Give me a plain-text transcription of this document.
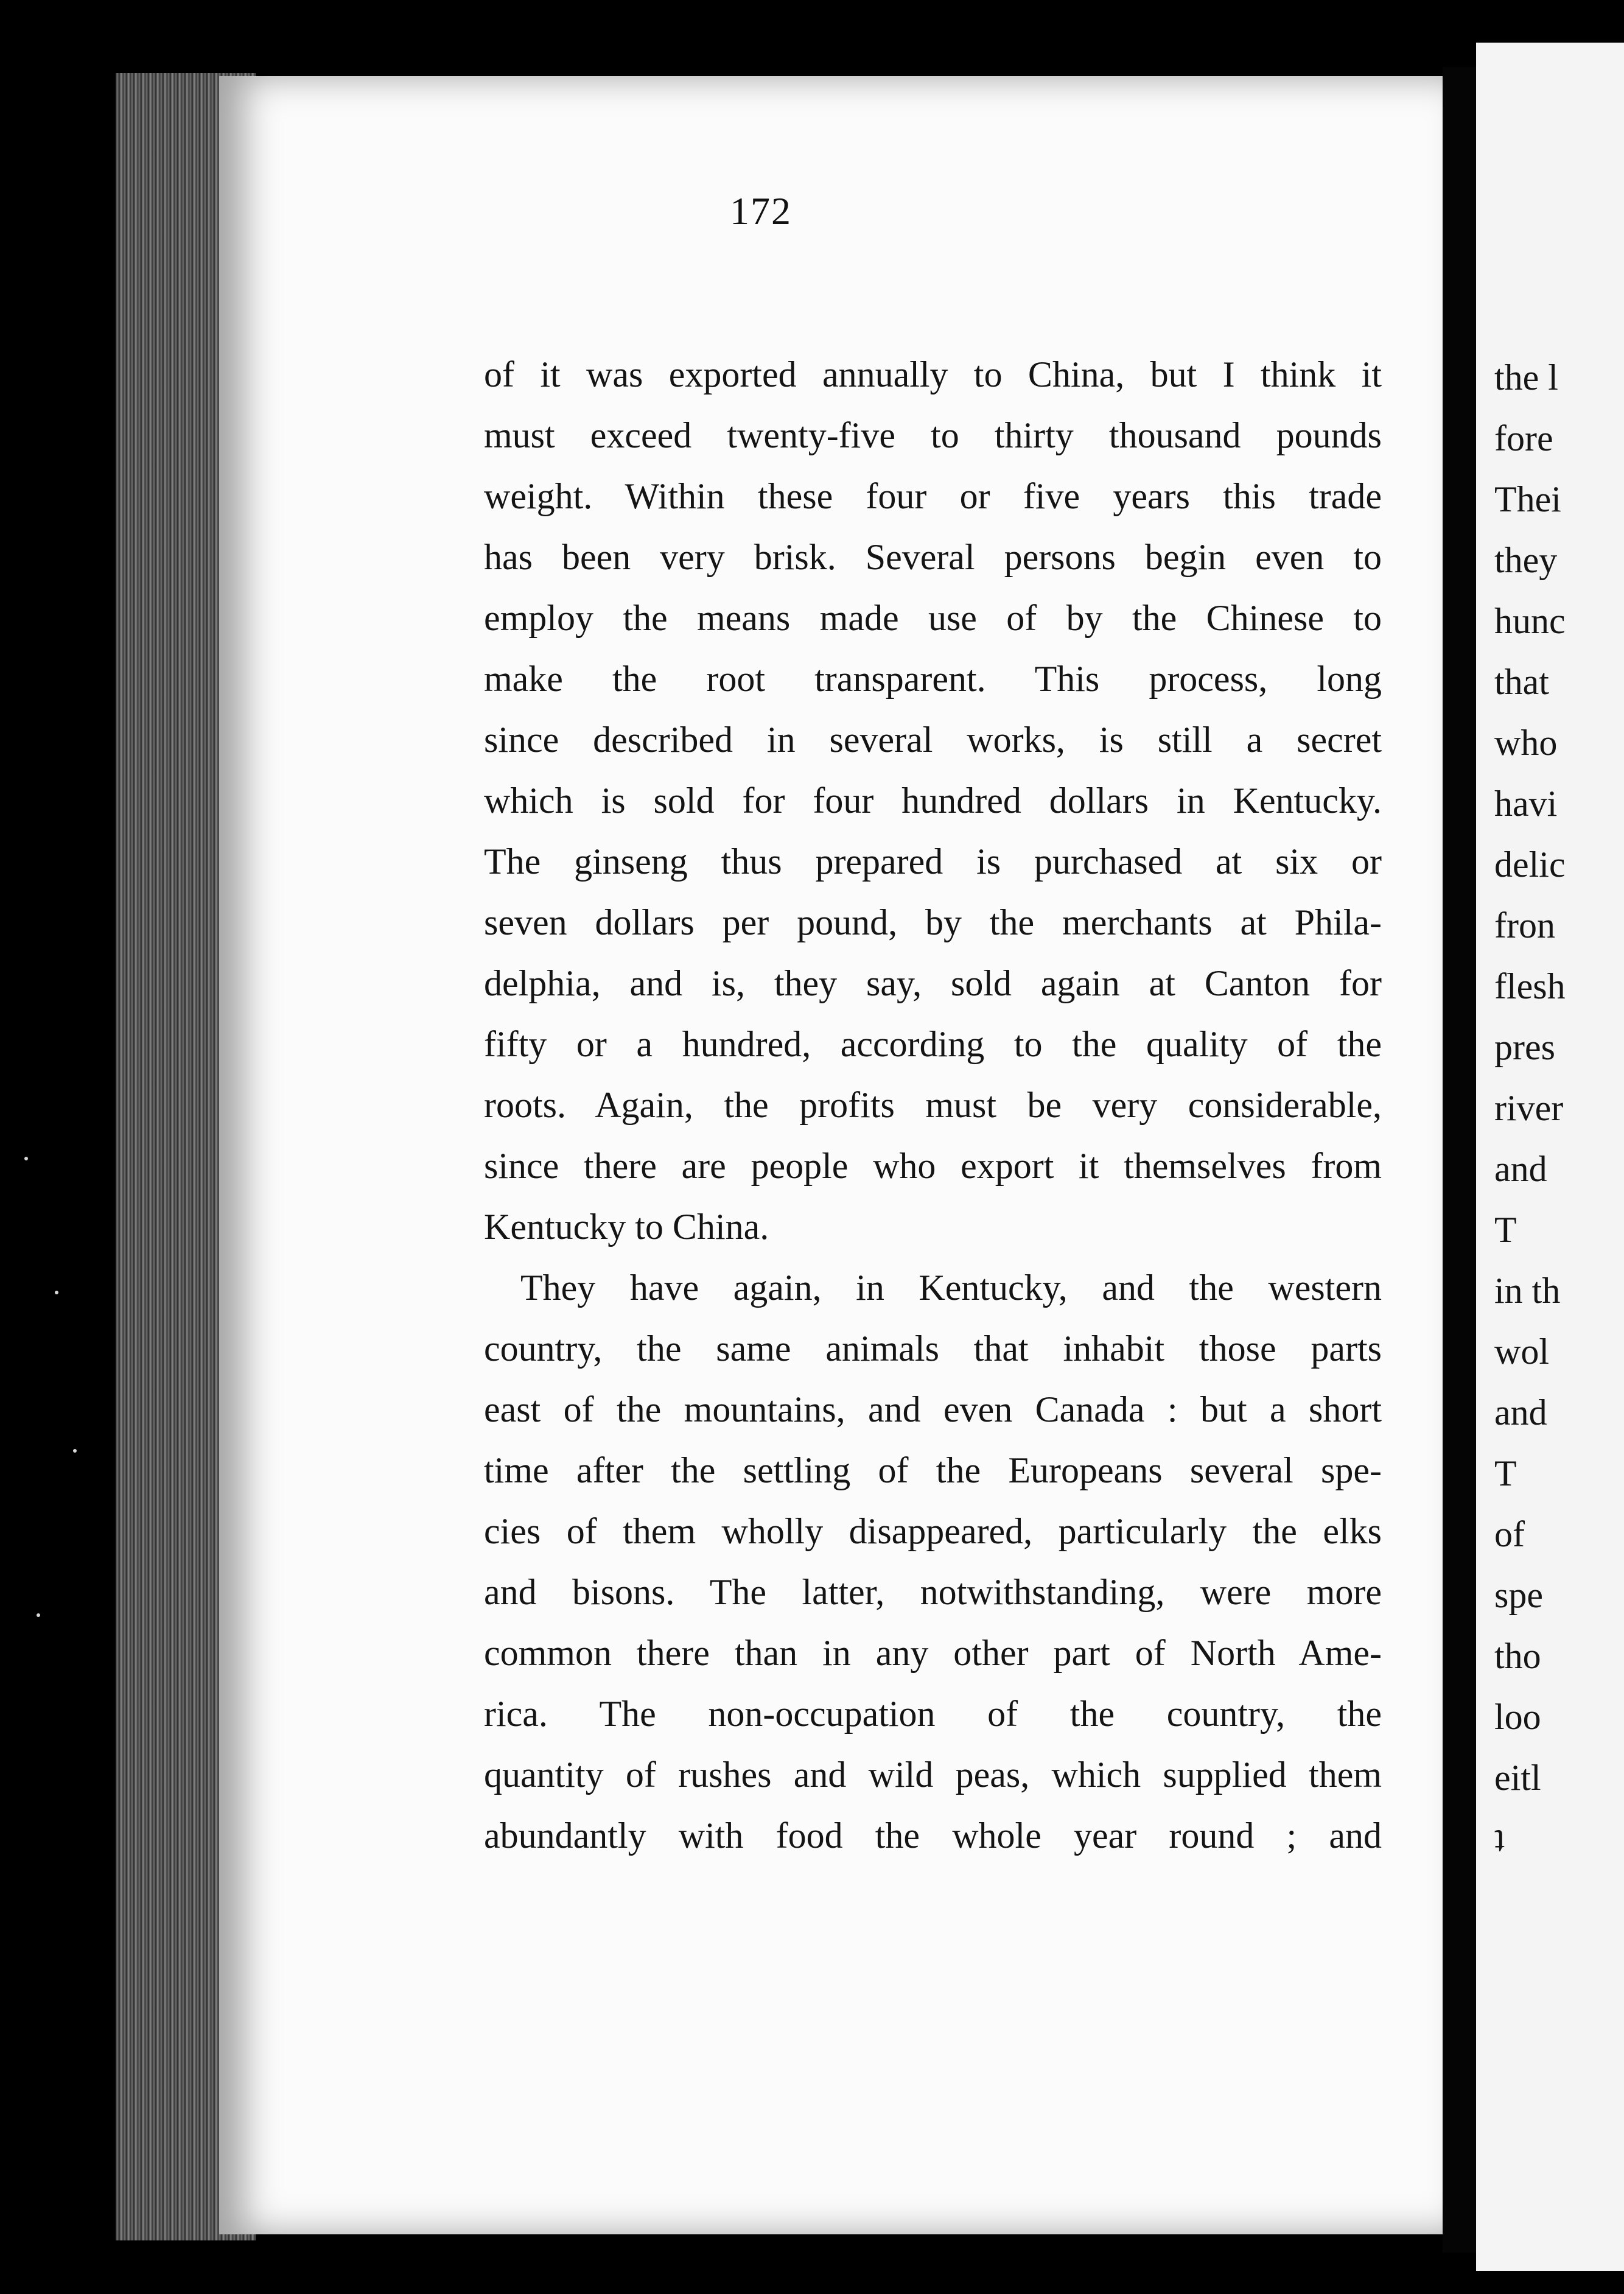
the l
fore
Thei
they
hunc
that
who
havi
delic
fron
flesh
pres
river
and
T
in th
wol
and
T
of
spe
tho
loo
eitl
ʇ
172
of it was exported annually to China, but I think it
must exceed twenty-five to thirty thousand pounds
weight. Within these four or five years this trade
has been very brisk. Several persons begin even to
employ the means made use of by the Chinese to
make the root transparent. This process, long
since described in several works, is still a secret
which is sold for four hundred dollars in Kentucky.
The ginseng thus prepared is purchased at six or
seven dollars per pound, by the merchants at Phila-
delphia, and is, they say, sold again at Canton for
fifty or a hundred, according to the quality of the
roots. Again, the profits must be very considerable,
since there are people who export it themselves from
Kentucky to China.
They have again, in Kentucky, and the western
country, the same animals that inhabit those parts
east of the mountains, and even Canada : but a short
time after the settling of the Europeans several spe-
cies of them wholly disappeared, particularly the elks
and bisons. The latter, notwithstanding, were more
common there than in any other part of North Ame-
rica. The non-occupation of the country, the
quantity of rushes and wild peas, which supplied them
abundantly with food the whole year round ; and
